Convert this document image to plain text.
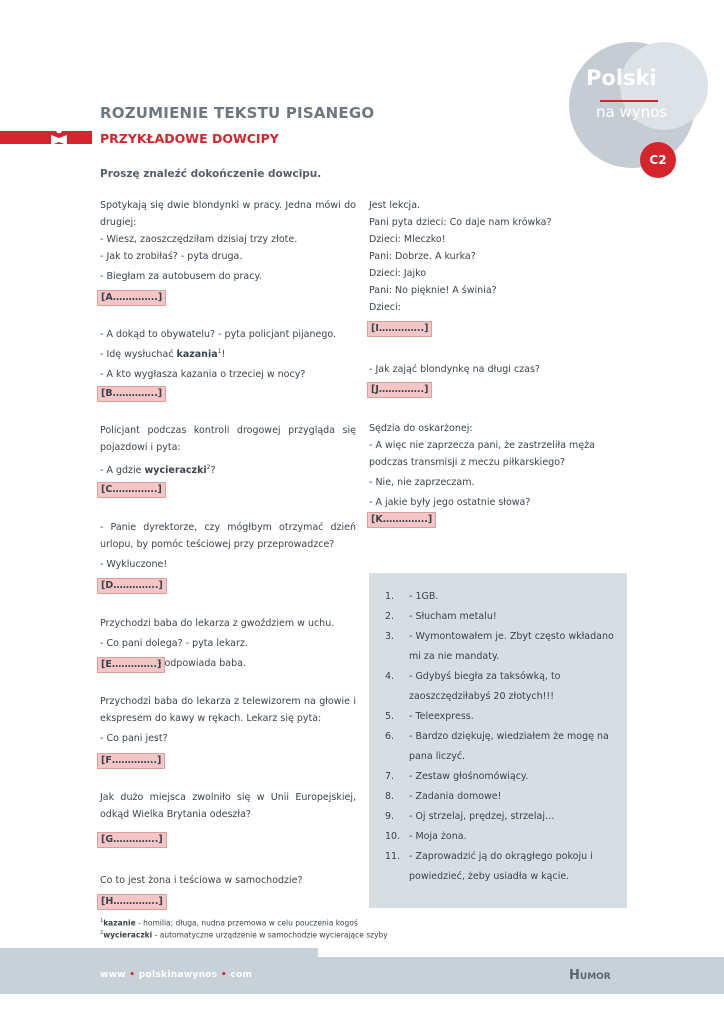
Polski
na wynos
C2
ROZUMIENIE TEKSTU PISANEGO
PRZYKŁADOWE DOWCIPY
Proszę znaleźć dokończenie dowcipu.

Spotykają się dwie blondynki w pracy. Jedna mówi do drugiej:

- Wiesz, zaoszczędziłam dzisiaj trzy złote.

- Jak to zrobiłaś? - pyta druga.

- Biegłam za autobusem do pracy.

[A…………..]

- A dokąd to obywatelu? - pyta policjant pijanego.

- Idę wysłuchać kazania$^1$!

- A kto wygłasza kazania o trzeciej w nocy?

[B…………..]

Policjant podczas kontroli drogowej przygląda się pojazdowi i pyta:

- A gdzie wycieraczki$^2$?

[C…………..]

- Panie dyrektorze, czy mógłbym otrzymać dzień urlopu, by pomóc teściowej przy przeprowadzce?

- Wykluczone!

[D…………..]

Przychodzi baba do lekarza z gwoździem w uchu.

- Co pani dolega? - pyta lekarz.

[E…………..]
- odpowiada baba.

Przychodzi baba do lekarza z telewizorem na głowie i ekspresem do kawy w rękach. Lekarz się pyta:

- Co pani jest?

[F…………..]

Jak dużo miejsca zwolniło się w Unii Europejskiej, odkąd Wielka Brytania odeszła?

[G…………..]

Co to jest żona i teściowa w samochodzie?

[H…………..]

Jest lekcja.

Pani pyta dzieci: Co daje nam krówka?

Dzieci: Mleczko!

Pani: Dobrze. A kurka?

Dzieci: Jajko

Pani: No pięknie! A świnia?

Dzieci:

[I…………..]

- Jak zająć blondynkę na długi czas?

[J…………..]

Sędzia do oskarżonej:

- A więc nie zaprzecza pani, że zastrzeliła męża podczas transmisji z meczu piłkarskiego?

- Nie, nie zaprzeczam.

- A jakie były jego ostatnie słowa?

[K…………..]
1. - 1GB.
2. - Słucham metalu!
3. - Wymontowałem je. Zbyt często wkładano mi za nie mandaty.
4. - Gdybyś biegła za taksówką, to zaoszczędziłabyś 20 złotych!!!
5. - Teleexpress.
6. - Bardzo dziękuję, wiedziałem że mogę na pana liczyć.
7. - Zestaw głośnomówiący.
8. - Zadania domowe!
9. - Oj strzelaj, prędzej, strzelaj…
10. - Moja żona.
11. - Zaprowadzić ją do okrągłego pokoju i powiedzieć, żeby usiadła w kącie.
$^1$kazanie - homilia; długa, nudna przemowa w celu pouczenia kogoś
$^2$wycieraczki - automatyczne urządzenie w samochodzie wycierające szyby
www • polskinawynos • com	Humor
